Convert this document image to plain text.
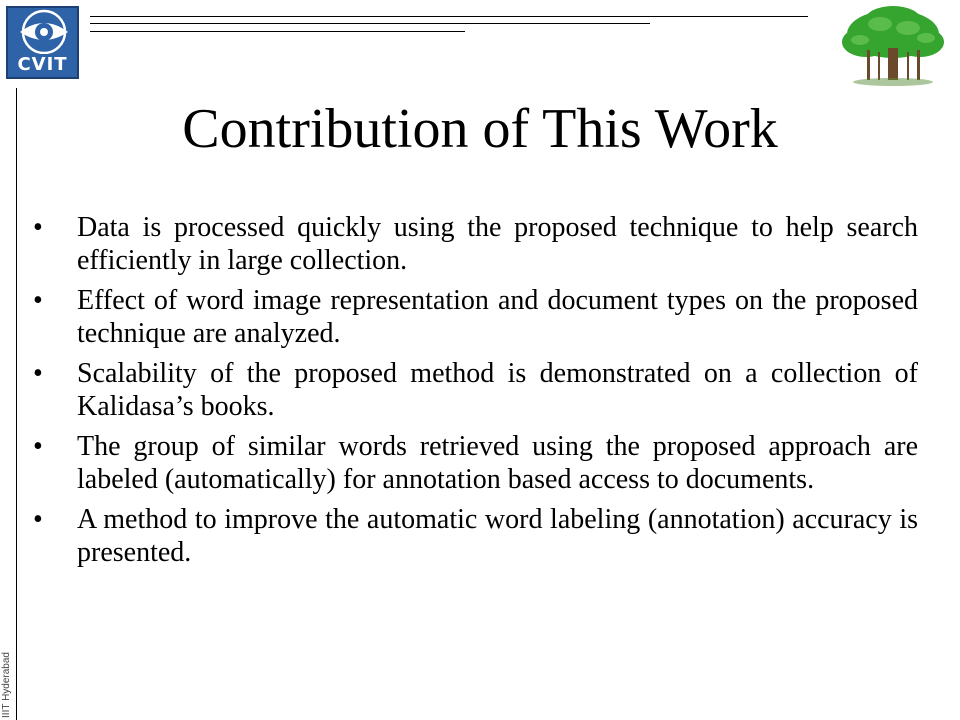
CVIT
Contribution of This Work
• Data is processed quickly using the proposed technique to help search efficiently in large collection.
• Effect of word image representation and document types on the proposed technique are analyzed.
• Scalability of the proposed method is demonstrated on a collection of Kalidasa’s books.
• The group of similar words retrieved using the proposed approach are labeled (automatically) for annotation based access to documents.
• A method to improve the automatic word labeling (annotation) accuracy is presented.
IIIT Hyderabad
